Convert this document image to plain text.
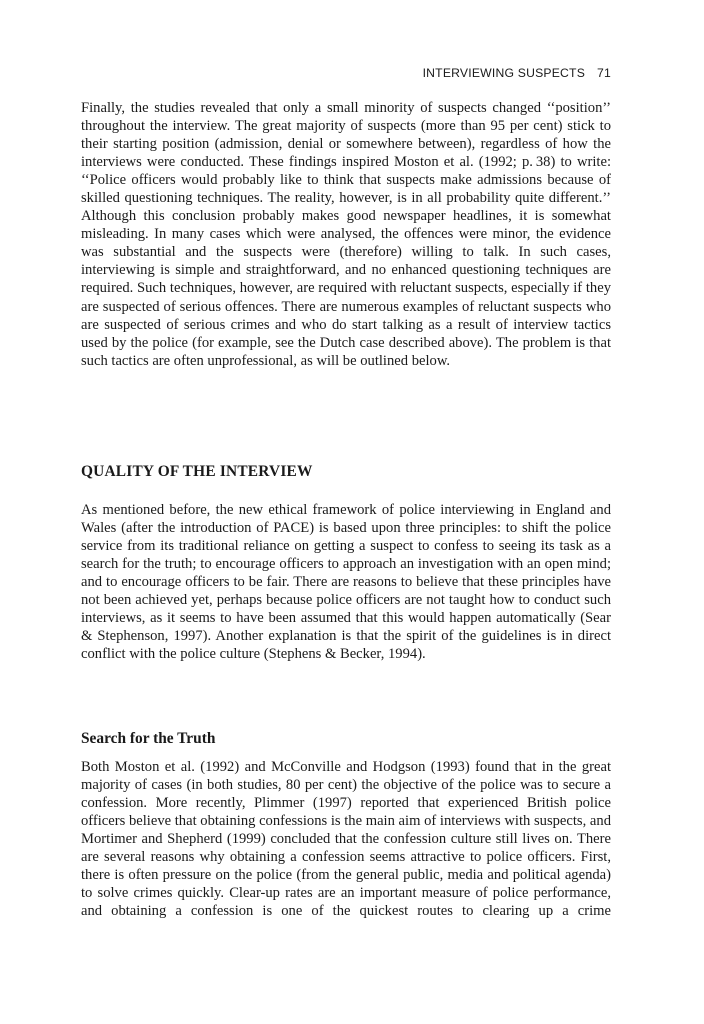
INTERVIEWING SUSPECTS 71

Finally, the studies revealed that only a small minority of suspects changed ‘‘position’’ throughout the interview. The great majority of suspects (more than 95 per cent) stick to their starting position (admission, denial or somewhere between), regardless of how the interviews were conducted. These findings inspired Moston et al. (1992; p. 38) to write: ‘‘Police officers would probably like to think that suspects make admissions because of skilled questioning techniques. The reality, however, is in all probability quite different.’’ Although this conclusion probably makes good newspaper headlines, it is somewhat misleading. In many cases which were analysed, the offences were minor, the evidence was substantial and the suspects were (therefore) willing to talk. In such cases, interviewing is simple and straightforward, and no enhanced questioning techniques are required. Such techniques, however, are required with reluctant suspects, especially if they are suspected of serious offences. There are numerous examples of reluctant suspects who are suspected of serious crimes and who do start talking as a result of interview tactics used by the police (for example, see the Dutch case described above). The problem is that such tactics are often unprofessional, as will be outlined below.

QUALITY OF THE INTERVIEW

As mentioned before, the new ethical framework of police interviewing in England and Wales (after the introduction of PACE) is based upon three principles: to shift the police service from its traditional reliance on getting a suspect to confess to seeing its task as a search for the truth; to encourage officers to approach an investigation with an open mind; and to encourage officers to be fair. There are reasons to believe that these principles have not been achieved yet, perhaps because police officers are not taught how to conduct such interviews, as it seems to have been assumed that this would happen automatically (Sear & Stephenson, 1997). Another explanation is that the spirit of the guidelines is in direct conflict with the police culture (Stephens & Becker, 1994).

Search for the Truth

Both Moston et al. (1992) and McConville and Hodgson (1993) found that in the great majority of cases (in both studies, 80 per cent) the objective of the police was to secure a confession. More recently, Plimmer (1997) reported that experienced British police officers believe that obtaining confessions is the main aim of interviews with suspects, and Mortimer and Shepherd (1999) concluded that the confession culture still lives on. There are several reasons why obtaining a confession seems attractive to police officers. First, there is often pressure on the police (from the general public, media and political agenda) to solve crimes quickly. Clear-up rates are an important measure of police performance, and obtaining a confession is one of the quickest routes to clearing up a crime
